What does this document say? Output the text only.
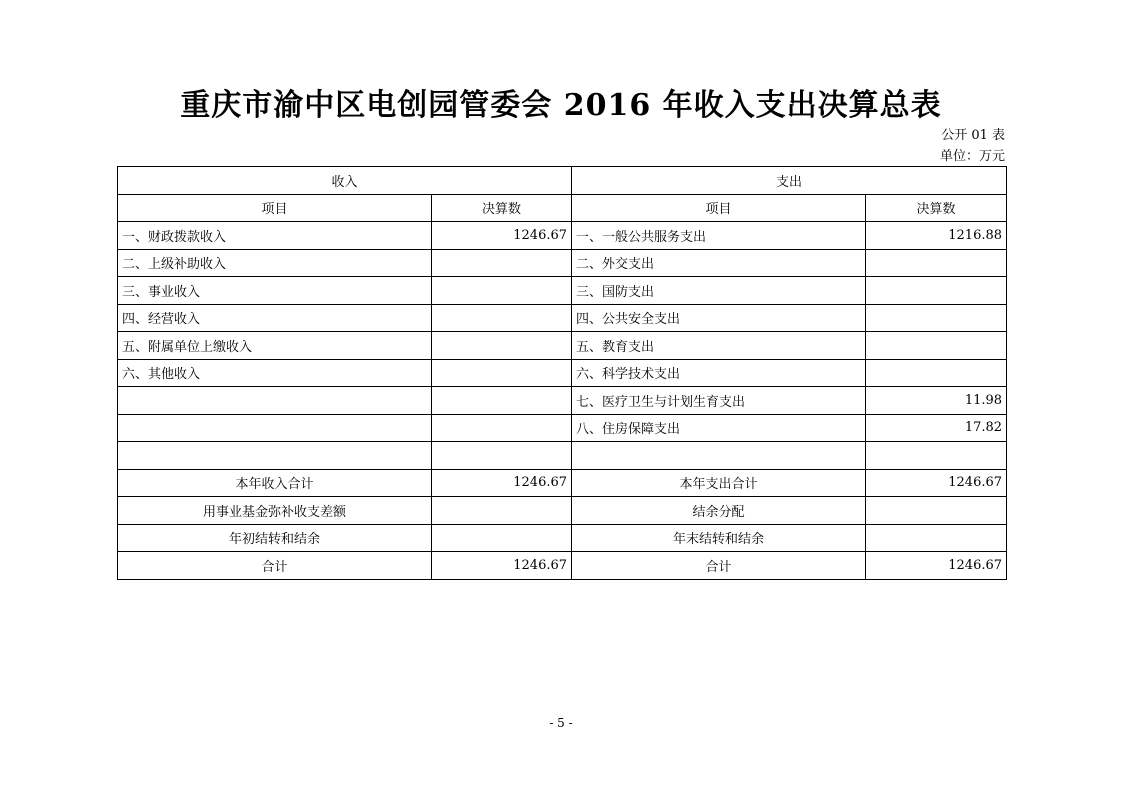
重庆市渝中区电创园管委会 2016 年收入支出决算总表
公开 01 表
单位：万元
收入		支出	
项目	决算数	项目	决算数
一、财政拨款收入	1246.67	一、一般公共服务支出	1216.88
二、上级补助收入		二、外交支出	
三、事业收入		三、国防支出	
四、经营收入		四、公共安全支出	
五、附属单位上缴收入		五、教育支出	
六、其他收入		六、科学技术支出	
		七、医疗卫生与计划生育支出	11.98
		八、住房保障支出	17.82

本年收入合计	1246.67	本年支出合计	1246.67
用事业基金弥补收支差额		结余分配	
年初结转和结余		年末结转和结余	
合计	1246.67	合计	1246.67
- 5 -
